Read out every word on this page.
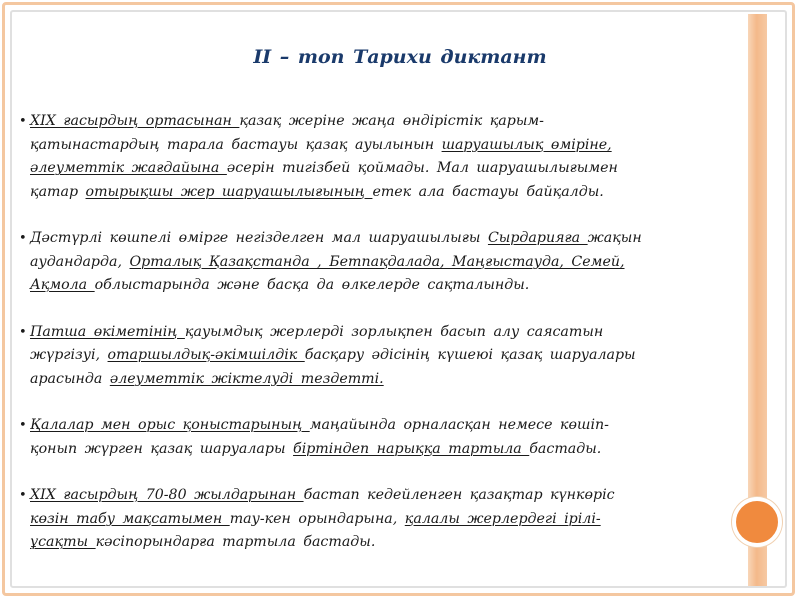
II – топ Тарихи диктант
• XIX ғасырдың ортасынан қазақ жеріне жаңа өндірістік қарым-
қатынастардың тарала бастауы қазақ ауылынын шаруашылық өміріне,
әлеуметтік жағдайына әсерін тигізбей қоймады. Мал шаруашылығымен
қатар отырықшы жер шаруашылығының етек ала бастауы байқалды.
• Дәстүрлі көшпелі өмірге негізделген мал шаруашылығы Сырдарияға жақын
аудандарда, Орталық Қазақстанда , Бетпақдалада, Маңғыстауда, Семей,
Ақмола облыстарында және басқа да өлкелерде сақталынды.
• Патша өкіметінің қауымдық жерлерді зорлықпен басып алу саясатын
жүргізуі, отаршылдық-әкімшілдік басқару әдісінің күшеюі қазақ шаруалары
арасында әлеуметтік жіктелуді тездетті.
• Қалалар мен орыс қоныстарының маңайында орналасқан немесе көшіп-
қонып жүрген қазақ шаруалары біртіндеп нарыққа тартыла бастады.
• XIX ғасырдың 70-80 жылдарынан бастап кедейленген қазақтар күнкөріс
көзін табу мақсатымен тау-кен орындарына, қалалы жерлердегі ірілі-
ұсақты кәсіпорындарға тартыла бастады.
